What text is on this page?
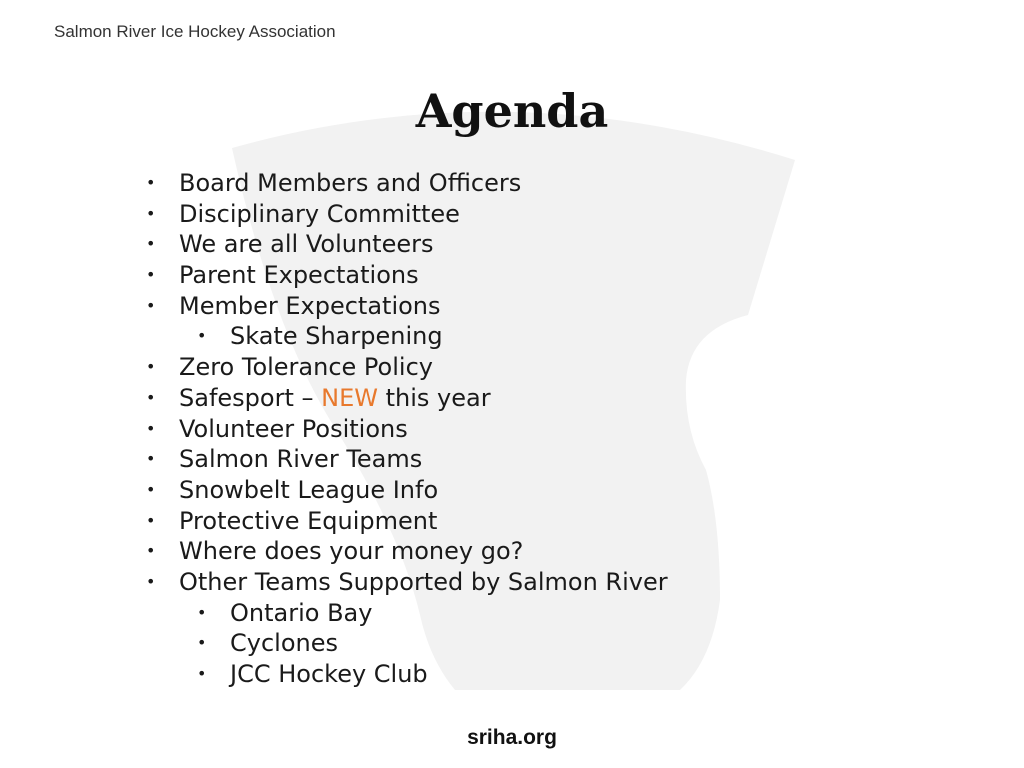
Salmon River Ice Hockey Association
Agenda
• Board Members and Officers
• Disciplinary Committee
• We are all Volunteers
• Parent Expectations
• Member Expectations
• Skate Sharpening
• Zero Tolerance Policy
• Safesport – NEW this year
• Volunteer Positions
• Salmon River Teams
• Snowbelt League Info
• Protective Equipment
• Where does your money go?
• Other Teams Supported by Salmon River
• Ontario Bay
• Cyclones
• JCC Hockey Club
sriha.org
